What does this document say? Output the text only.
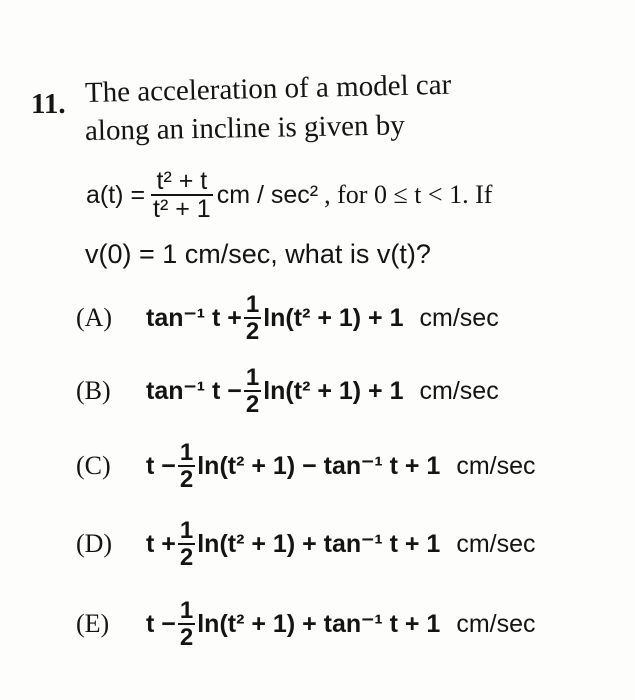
11. The acceleration of a model car
along an incline is given by
$a(t) = \frac{\text{t² + t}}{\text{t² + 1}}$ cm / sec² , for 0 ≤ t < 1. If
v(0) = 1 cm/sec, what is v(t)?
(A)	tan⁻¹ $t + \frac{1}{2} \ln(t^2 + 1) + 1$ cm/sec
(B)	tan⁻¹ $t - \frac{1}{2} \ln(t^2 + 1) + 1$ cm/sec
(C)	$t - \frac{1}{2} \ln(t^2 + 1) - \tan^{-1}$ t + 1 cm/sec
(D)	$t + \frac{1}{2} \ln(t^2 + 1) + \tan^{-1}$ t + 1 cm/sec
(E)	$t - \frac{1}{2} \ln(t^2 + 1) + \tan^{-1}$ t + 1 cm/sec
